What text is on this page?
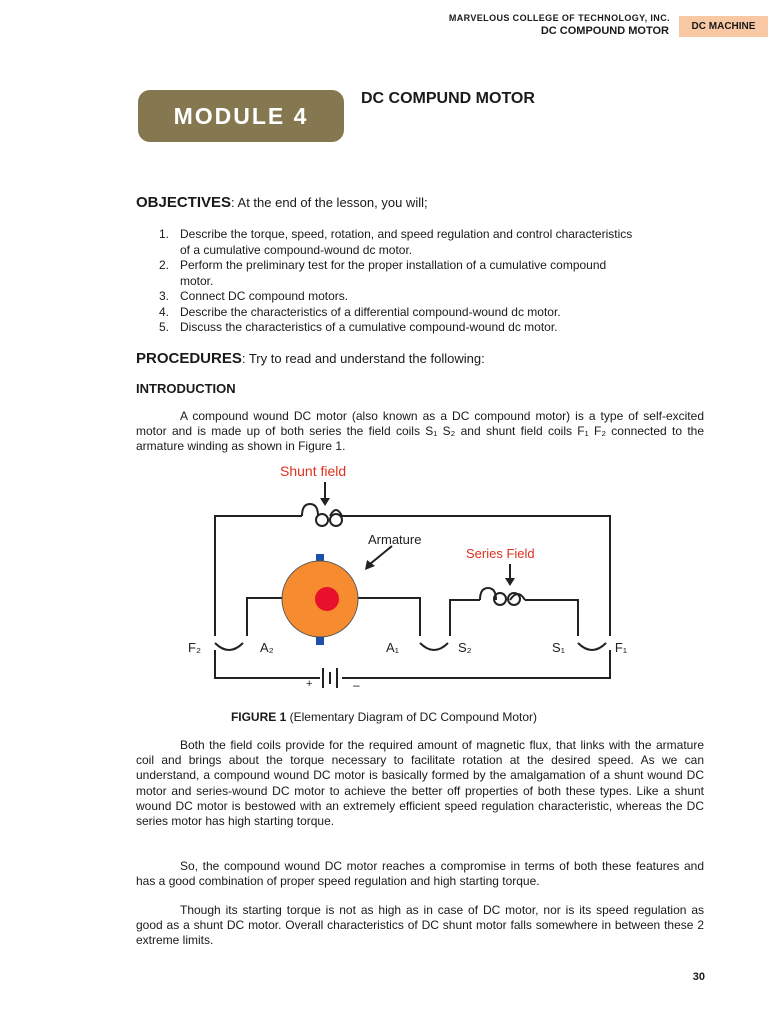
MARVELOUS COLLEGE OF TECHNOLOGY, INC.
DC COMPOUND MOTOR	DC MACHINE
MODULE 4
DC COMPUND MOTOR
OBJECTIVES: At the end of the lesson, you will;
1. Describe the torque, speed, rotation, and speed regulation and control characteristics
of a cumulative compound-wound dc motor.
2. Perform the preliminary test for the proper installation of a cumulative compound
motor.
3. Connect DC compound motors.
4. Describe the characteristics of a differential compound-wound dc motor.
5. Discuss the characteristics of a cumulative compound-wound dc motor.
PROCEDURES: Try to read and understand the following:
INTRODUCTION

A compound wound DC motor (also known as a DC compound motor) is a type of self-excited motor and is made up of both series the field coils S₁ S₂ and shunt field coils F₁ F₂ connected to the armature winding as shown in Figure 1.

Shunt field
Armature
Series Field
F₂	A₂	A₁	S₂	S₁	F₁
+	–
FIGURE 1 (Elementary Diagram of DC Compound Motor)

Both the field coils provide for the required amount of magnetic flux, that links with the armature coil and brings about the torque necessary to facilitate rotation at the desired speed. As we can understand, a compound wound DC motor is basically formed by the amalgamation of a shunt wound DC motor and series-wound DC motor to achieve the better off properties of both these types. Like a shunt wound DC motor is bestowed with an extremely efficient speed regulation characteristic, whereas the DC series motor has high starting torque.

So, the compound wound DC motor reaches a compromise in terms of both these features and has a good combination of proper speed regulation and high starting torque.

Though its starting torque is not as high as in case of DC motor, nor is its speed regulation as good as a shunt DC motor. Overall characteristics of DC shunt motor falls somewhere in between these 2 extreme limits.

30
